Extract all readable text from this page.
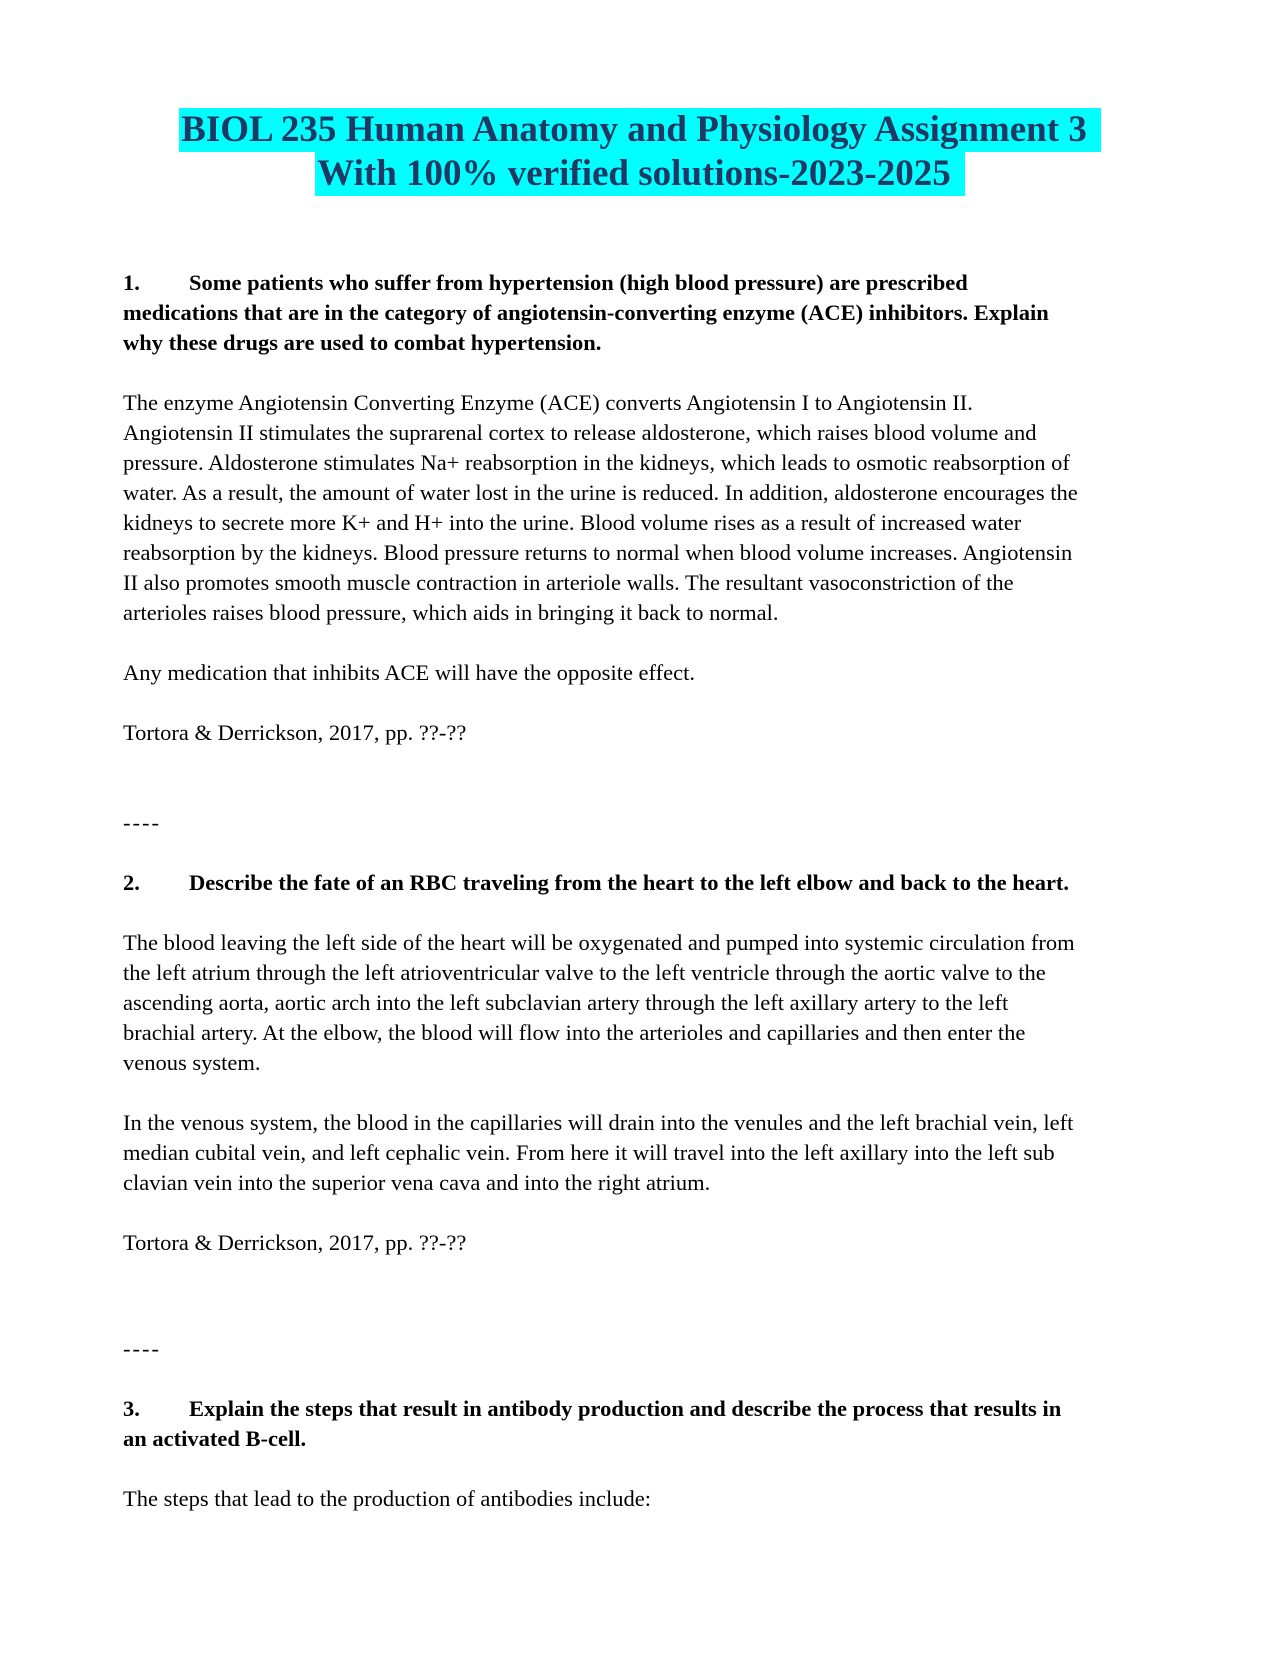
BIOL 235 Human Anatomy and Physiology Assignment 3
With 100% verified solutions-2023-2025

1. Some patients who suffer from hypertension (high blood pressure) are prescribed medications that are in the category of angiotensin-converting enzyme (ACE) inhibitors. Explain why these drugs are used to combat hypertension.

The enzyme Angiotensin Converting Enzyme (ACE) converts Angiotensin I to Angiotensin II. Angiotensin II stimulates the suprarenal cortex to release aldosterone, which raises blood volume and pressure. Aldosterone stimulates Na+ reabsorption in the kidneys, which leads to osmotic reabsorption of water. As a result, the amount of water lost in the urine is reduced. In addition, aldosterone encourages the kidneys to secrete more K+ and H+ into the urine. Blood volume rises as a result of increased water reabsorption by the kidneys. Blood pressure returns to normal when blood volume increases. Angiotensin II also promotes smooth muscle contraction in arteriole walls. The resultant vasoconstriction of the arterioles raises blood pressure, which aids in bringing it back to normal.

Any medication that inhibits ACE will have the opposite effect.

Tortora & Derrickson, 2017, pp. ??-??

----

2. Describe the fate of an RBC traveling from the heart to the left elbow and back to the heart.

The blood leaving the left side of the heart will be oxygenated and pumped into systemic circulation from the left atrium through the left atrioventricular valve to the left ventricle through the aortic valve to the ascending aorta, aortic arch into the left subclavian artery through the left axillary artery to the left brachial artery. At the elbow, the blood will flow into the arterioles and capillaries and then enter the venous system.

In the venous system, the blood in the capillaries will drain into the venules and the left brachial vein, left median cubital vein, and left cephalic vein. From here it will travel into the left axillary into the left sub clavian vein into the superior vena cava and into the right atrium.

Tortora & Derrickson, 2017, pp. ??-??

----

3. Explain the steps that result in antibody production and describe the process that results in an activated B-cell.

The steps that lead to the production of antibodies include:
